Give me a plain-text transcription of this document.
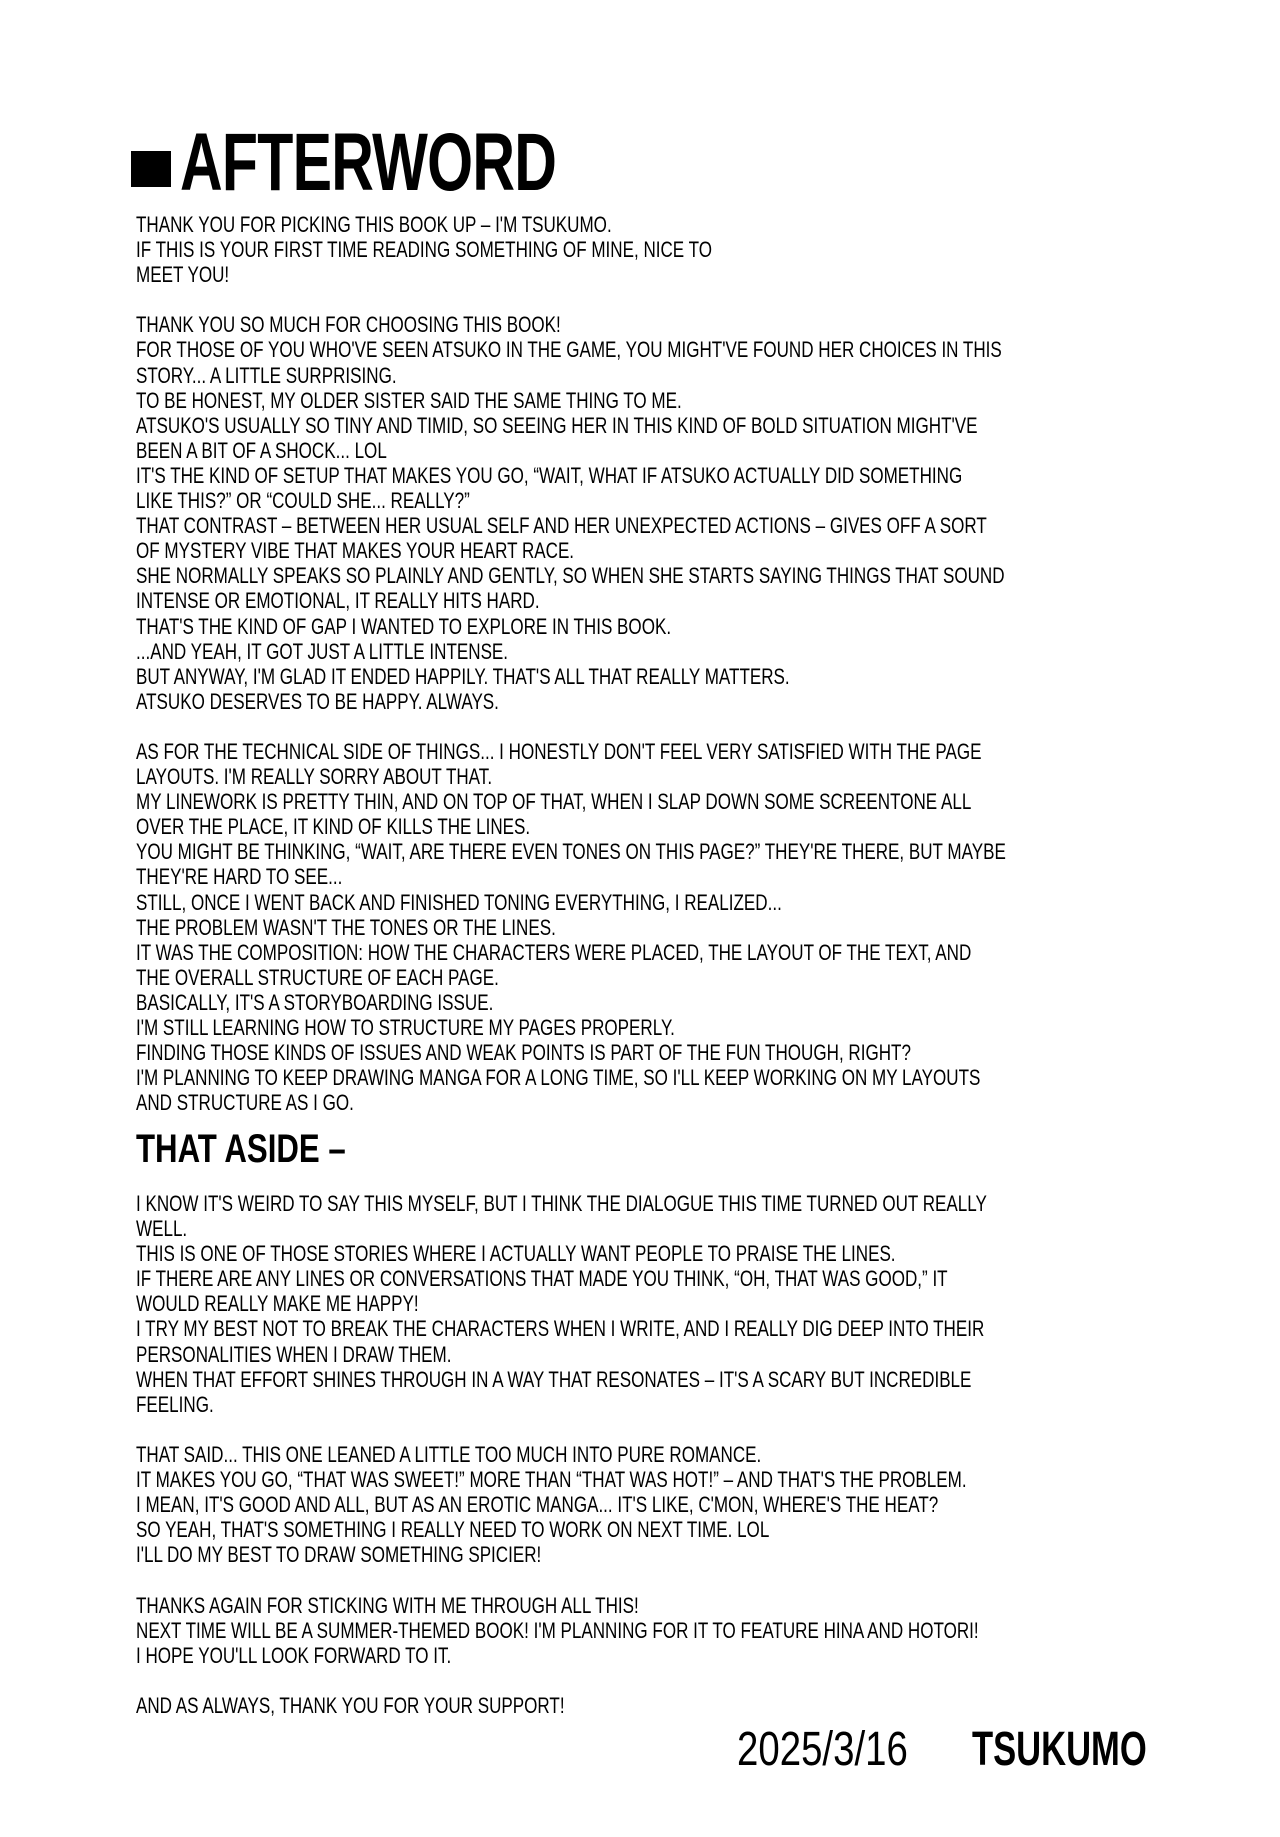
AFTERWORD
THANK YOU FOR PICKING THIS BOOK UP – I'M TSUKUMO.
IF THIS IS YOUR FIRST TIME READING SOMETHING OF MINE, NICE TO
MEET YOU!
THANK YOU SO MUCH FOR CHOOSING THIS BOOK!
FOR THOSE OF YOU WHO'VE SEEN ATSUKO IN THE GAME, YOU MIGHT'VE FOUND HER CHOICES IN THIS
STORY... A LITTLE SURPRISING.
TO BE HONEST, MY OLDER SISTER SAID THE SAME THING TO ME.
ATSUKO'S USUALLY SO TINY AND TIMID, SO SEEING HER IN THIS KIND OF BOLD SITUATION MIGHT'VE
BEEN A BIT OF A SHOCK... LOL
IT'S THE KIND OF SETUP THAT MAKES YOU GO, “WAIT, WHAT IF ATSUKO ACTUALLY DID SOMETHING
LIKE THIS?” OR “COULD SHE... REALLY?”
THAT CONTRAST – BETWEEN HER USUAL SELF AND HER UNEXPECTED ACTIONS – GIVES OFF A SORT
OF MYSTERY VIBE THAT MAKES YOUR HEART RACE.
SHE NORMALLY SPEAKS SO PLAINLY AND GENTLY, SO WHEN SHE STARTS SAYING THINGS THAT SOUND
INTENSE OR EMOTIONAL, IT REALLY HITS HARD.
THAT'S THE KIND OF GAP I WANTED TO EXPLORE IN THIS BOOK.
...AND YEAH, IT GOT JUST A LITTLE INTENSE.
BUT ANYWAY, I'M GLAD IT ENDED HAPPILY. THAT'S ALL THAT REALLY MATTERS.
ATSUKO DESERVES TO BE HAPPY. ALWAYS.
AS FOR THE TECHNICAL SIDE OF THINGS... I HONESTLY DON'T FEEL VERY SATISFIED WITH THE PAGE
LAYOUTS. I'M REALLY SORRY ABOUT THAT.
MY LINEWORK IS PRETTY THIN, AND ON TOP OF THAT, WHEN I SLAP DOWN SOME SCREENTONE ALL
OVER THE PLACE, IT KIND OF KILLS THE LINES.
YOU MIGHT BE THINKING, “WAIT, ARE THERE EVEN TONES ON THIS PAGE?” THEY'RE THERE, BUT MAYBE
THEY'RE HARD TO SEE...
STILL, ONCE I WENT BACK AND FINISHED TONING EVERYTHING, I REALIZED...
THE PROBLEM WASN'T THE TONES OR THE LINES.
IT WAS THE COMPOSITION: HOW THE CHARACTERS WERE PLACED, THE LAYOUT OF THE TEXT, AND
THE OVERALL STRUCTURE OF EACH PAGE.
BASICALLY, IT'S A STORYBOARDING ISSUE.
I'M STILL LEARNING HOW TO STRUCTURE MY PAGES PROPERLY.
FINDING THOSE KINDS OF ISSUES AND WEAK POINTS IS PART OF THE FUN THOUGH, RIGHT?
I'M PLANNING TO KEEP DRAWING MANGA FOR A LONG TIME, SO I'LL KEEP WORKING ON MY LAYOUTS
AND STRUCTURE AS I GO.
THAT ASIDE –
I KNOW IT'S WEIRD TO SAY THIS MYSELF, BUT I THINK THE DIALOGUE THIS TIME TURNED OUT REALLY
WELL.
THIS IS ONE OF THOSE STORIES WHERE I ACTUALLY WANT PEOPLE TO PRAISE THE LINES.
IF THERE ARE ANY LINES OR CONVERSATIONS THAT MADE YOU THINK, “OH, THAT WAS GOOD,” IT
WOULD REALLY MAKE ME HAPPY!
I TRY MY BEST NOT TO BREAK THE CHARACTERS WHEN I WRITE, AND I REALLY DIG DEEP INTO THEIR
PERSONALITIES WHEN I DRAW THEM.
WHEN THAT EFFORT SHINES THROUGH IN A WAY THAT RESONATES – IT'S A SCARY BUT INCREDIBLE
FEELING.
THAT SAID... THIS ONE LEANED A LITTLE TOO MUCH INTO PURE ROMANCE.
IT MAKES YOU GO, “THAT WAS SWEET!” MORE THAN “THAT WAS HOT!” – AND THAT'S THE PROBLEM.
I MEAN, IT'S GOOD AND ALL, BUT AS AN EROTIC MANGA... IT'S LIKE, C'MON, WHERE'S THE HEAT?
SO YEAH, THAT'S SOMETHING I REALLY NEED TO WORK ON NEXT TIME. LOL
I'LL DO MY BEST TO DRAW SOMETHING SPICIER!
THANKS AGAIN FOR STICKING WITH ME THROUGH ALL THIS!
NEXT TIME WILL BE A SUMMER-THEMED BOOK! I'M PLANNING FOR IT TO FEATURE HINA AND HOTORI!
I HOPE YOU'LL LOOK FORWARD TO IT.
AND AS ALWAYS, THANK YOU FOR YOUR SUPPORT!
2025/3/16 TSUKUMO
